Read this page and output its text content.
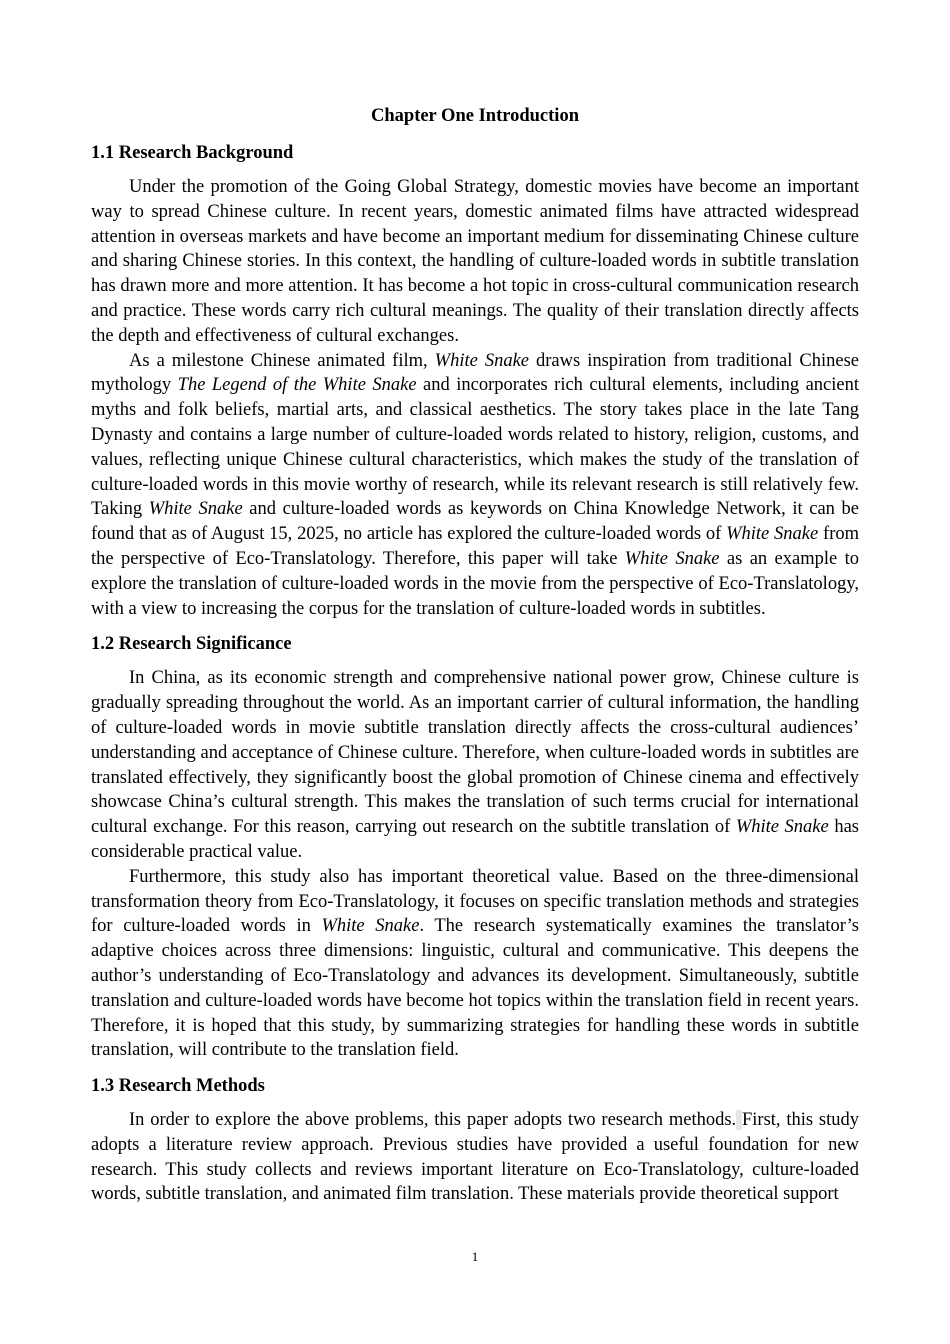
Chapter One Introduction
1.1 Research Background

Under the promotion of the Going Global Strategy, domestic movies have become an important way to spread Chinese culture. In recent years, domestic animated films have attracted widespread attention in overseas markets and have become an important medium for disseminating Chinese culture and sharing Chinese stories. In this context, the handling of culture-loaded words in subtitle translation has drawn more and more attention. It has become a hot topic in cross-cultural communication research and practice. These words carry rich cultural meanings. The quality of their translation directly affects the depth and effectiveness of cultural exchanges.

As a milestone Chinese animated film, White Snake draws inspiration from traditional Chinese mythology The Legend of the White Snake and incorporates rich cultural elements, including ancient myths and folk beliefs, martial arts, and classical aesthetics. The story takes place in the late Tang Dynasty and contains a large number of culture-loaded words related to history, religion, customs, and values, reflecting unique Chinese cultural characteristics, which makes the study of the translation of culture-loaded words in this movie worthy of research, while its relevant research is still relatively few. Taking White Snake and culture-loaded words as keywords on China Knowledge Network, it can be found that as of August 15, 2025, no article has explored the culture-loaded words of White Snake from the perspective of Eco-Translatology. Therefore, this paper will take White Snake as an example to explore the translation of culture-loaded words in the movie from the perspective of Eco-Translatology, with a view to increasing the corpus for the translation of culture-loaded words in subtitles.

1.2 Research Significance

In China, as its economic strength and comprehensive national power grow, Chinese culture is gradually spreading throughout the world. As an important carrier of cultural information, the handling of culture-loaded words in movie subtitle translation directly affects the cross-cultural audiences’ understanding and acceptance of Chinese culture. Therefore, when culture-loaded words in subtitles are translated effectively, they significantly boost the global promotion of Chinese cinema and effectively showcase China’s cultural strength. This makes the translation of such terms crucial for international cultural exchange. For this reason, carrying out research on the subtitle translation of White Snake has considerable practical value.

Furthermore, this study also has important theoretical value. Based on the three-dimensional transformation theory from Eco-Translatology, it focuses on specific translation methods and strategies for culture-loaded words in White Snake. The research systematically examines the translator’s adaptive choices across three dimensions: linguistic, cultural and communicative. This deepens the author’s understanding of Eco-Translatology and advances its development. Simultaneously, subtitle translation and culture-loaded words have become hot topics within the translation field in recent years. Therefore, it is hoped that this study, by summarizing strategies for handling these words in subtitle translation, will contribute to the translation field.

1.3 Research Methods

In order to explore the above problems, this paper adopts two research methods. First, this study adopts a literature review approach. Previous studies have provided a useful foundation for new research. This study collects and reviews important literature on Eco-Translatology, culture-loaded words, subtitle translation, and animated film translation. These materials provide theoretical support

1
